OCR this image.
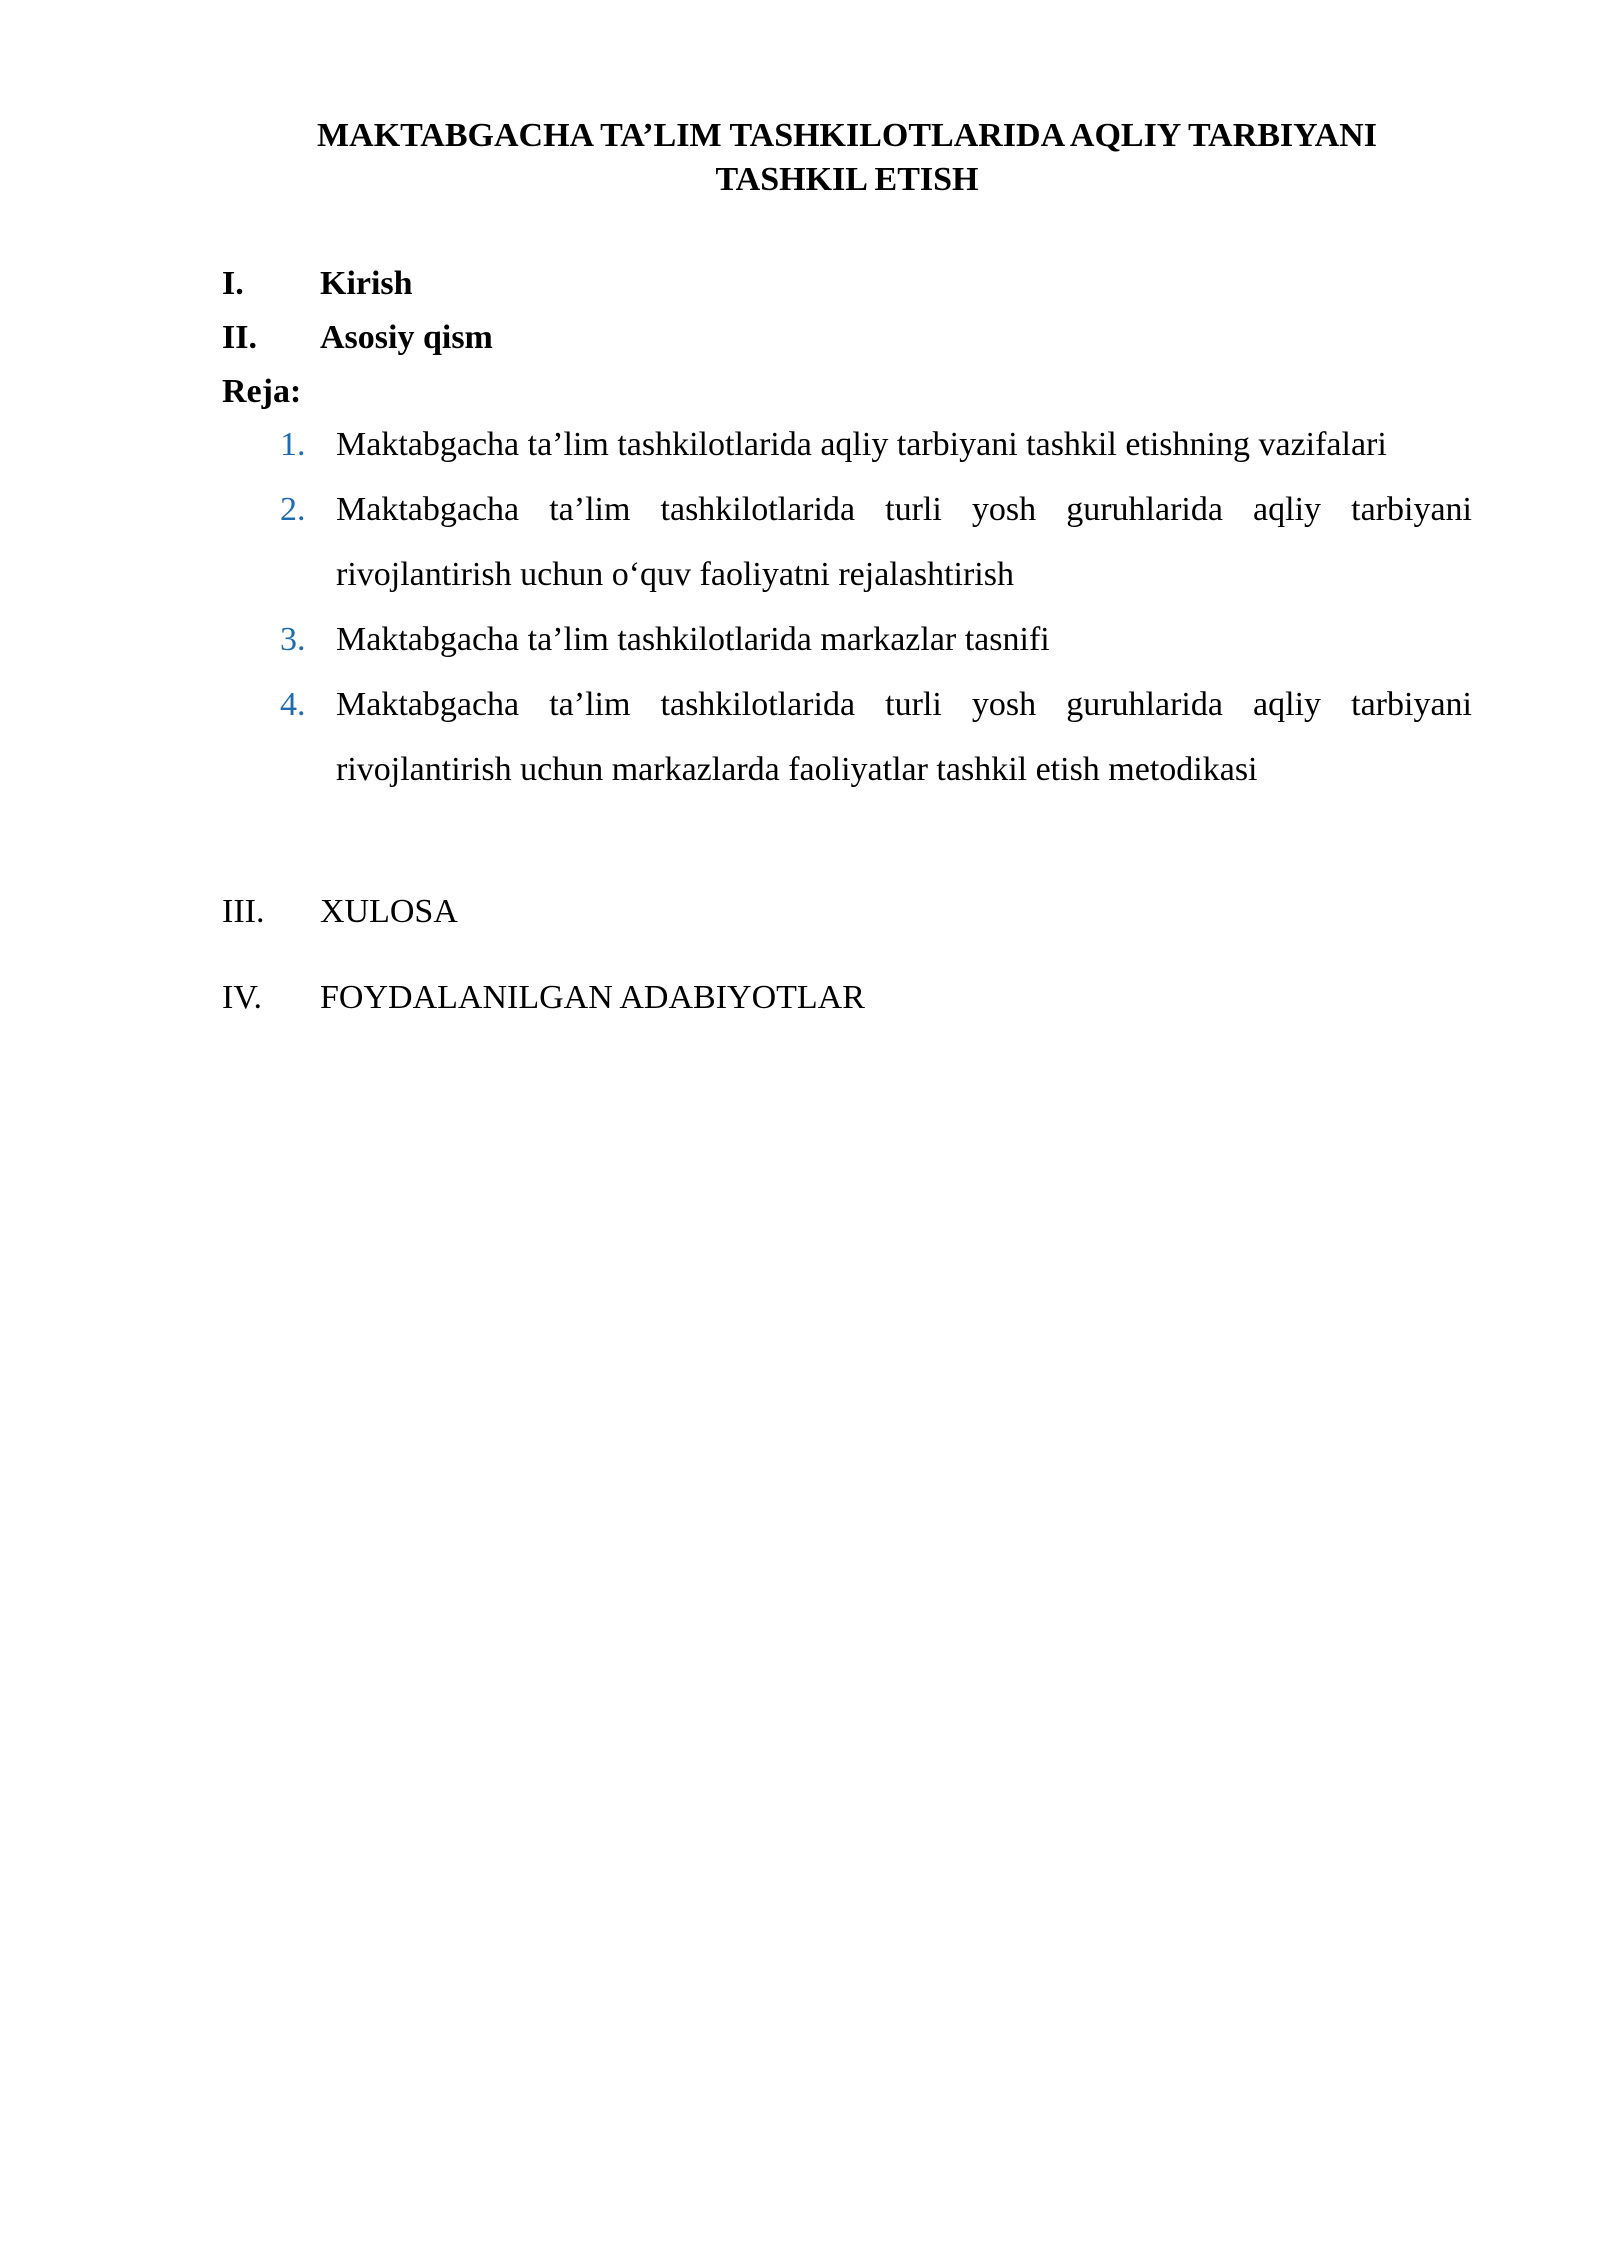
MAKTABGACHA TA’LIM TASHKILOTLARIDA AQLIY TARBIYANI
TASHKIL ETISH
I.	Kirish
II.	Asosiy qism
Reja:
1. Maktabgacha ta’lim tashkilotlarida aqliy tarbiyani tashkil etishning vazifalari
2. Maktabgacha ta’lim tashkilotlarida turli yosh guruhlarida aqliy tarbiyani rivojlantirish uchun o‘quv faoliyatni rejalashtirish
3. Maktabgacha ta’lim tashkilotlarida markazlar tasnifi
4. Maktabgacha ta’lim tashkilotlarida turli yosh guruhlarida aqliy tarbiyani rivojlantirish uchun markazlarda faoliyatlar tashkil etish metodikasi
III.	XULOSA
IV.	FOYDALANILGAN ADABIYOTLAR
